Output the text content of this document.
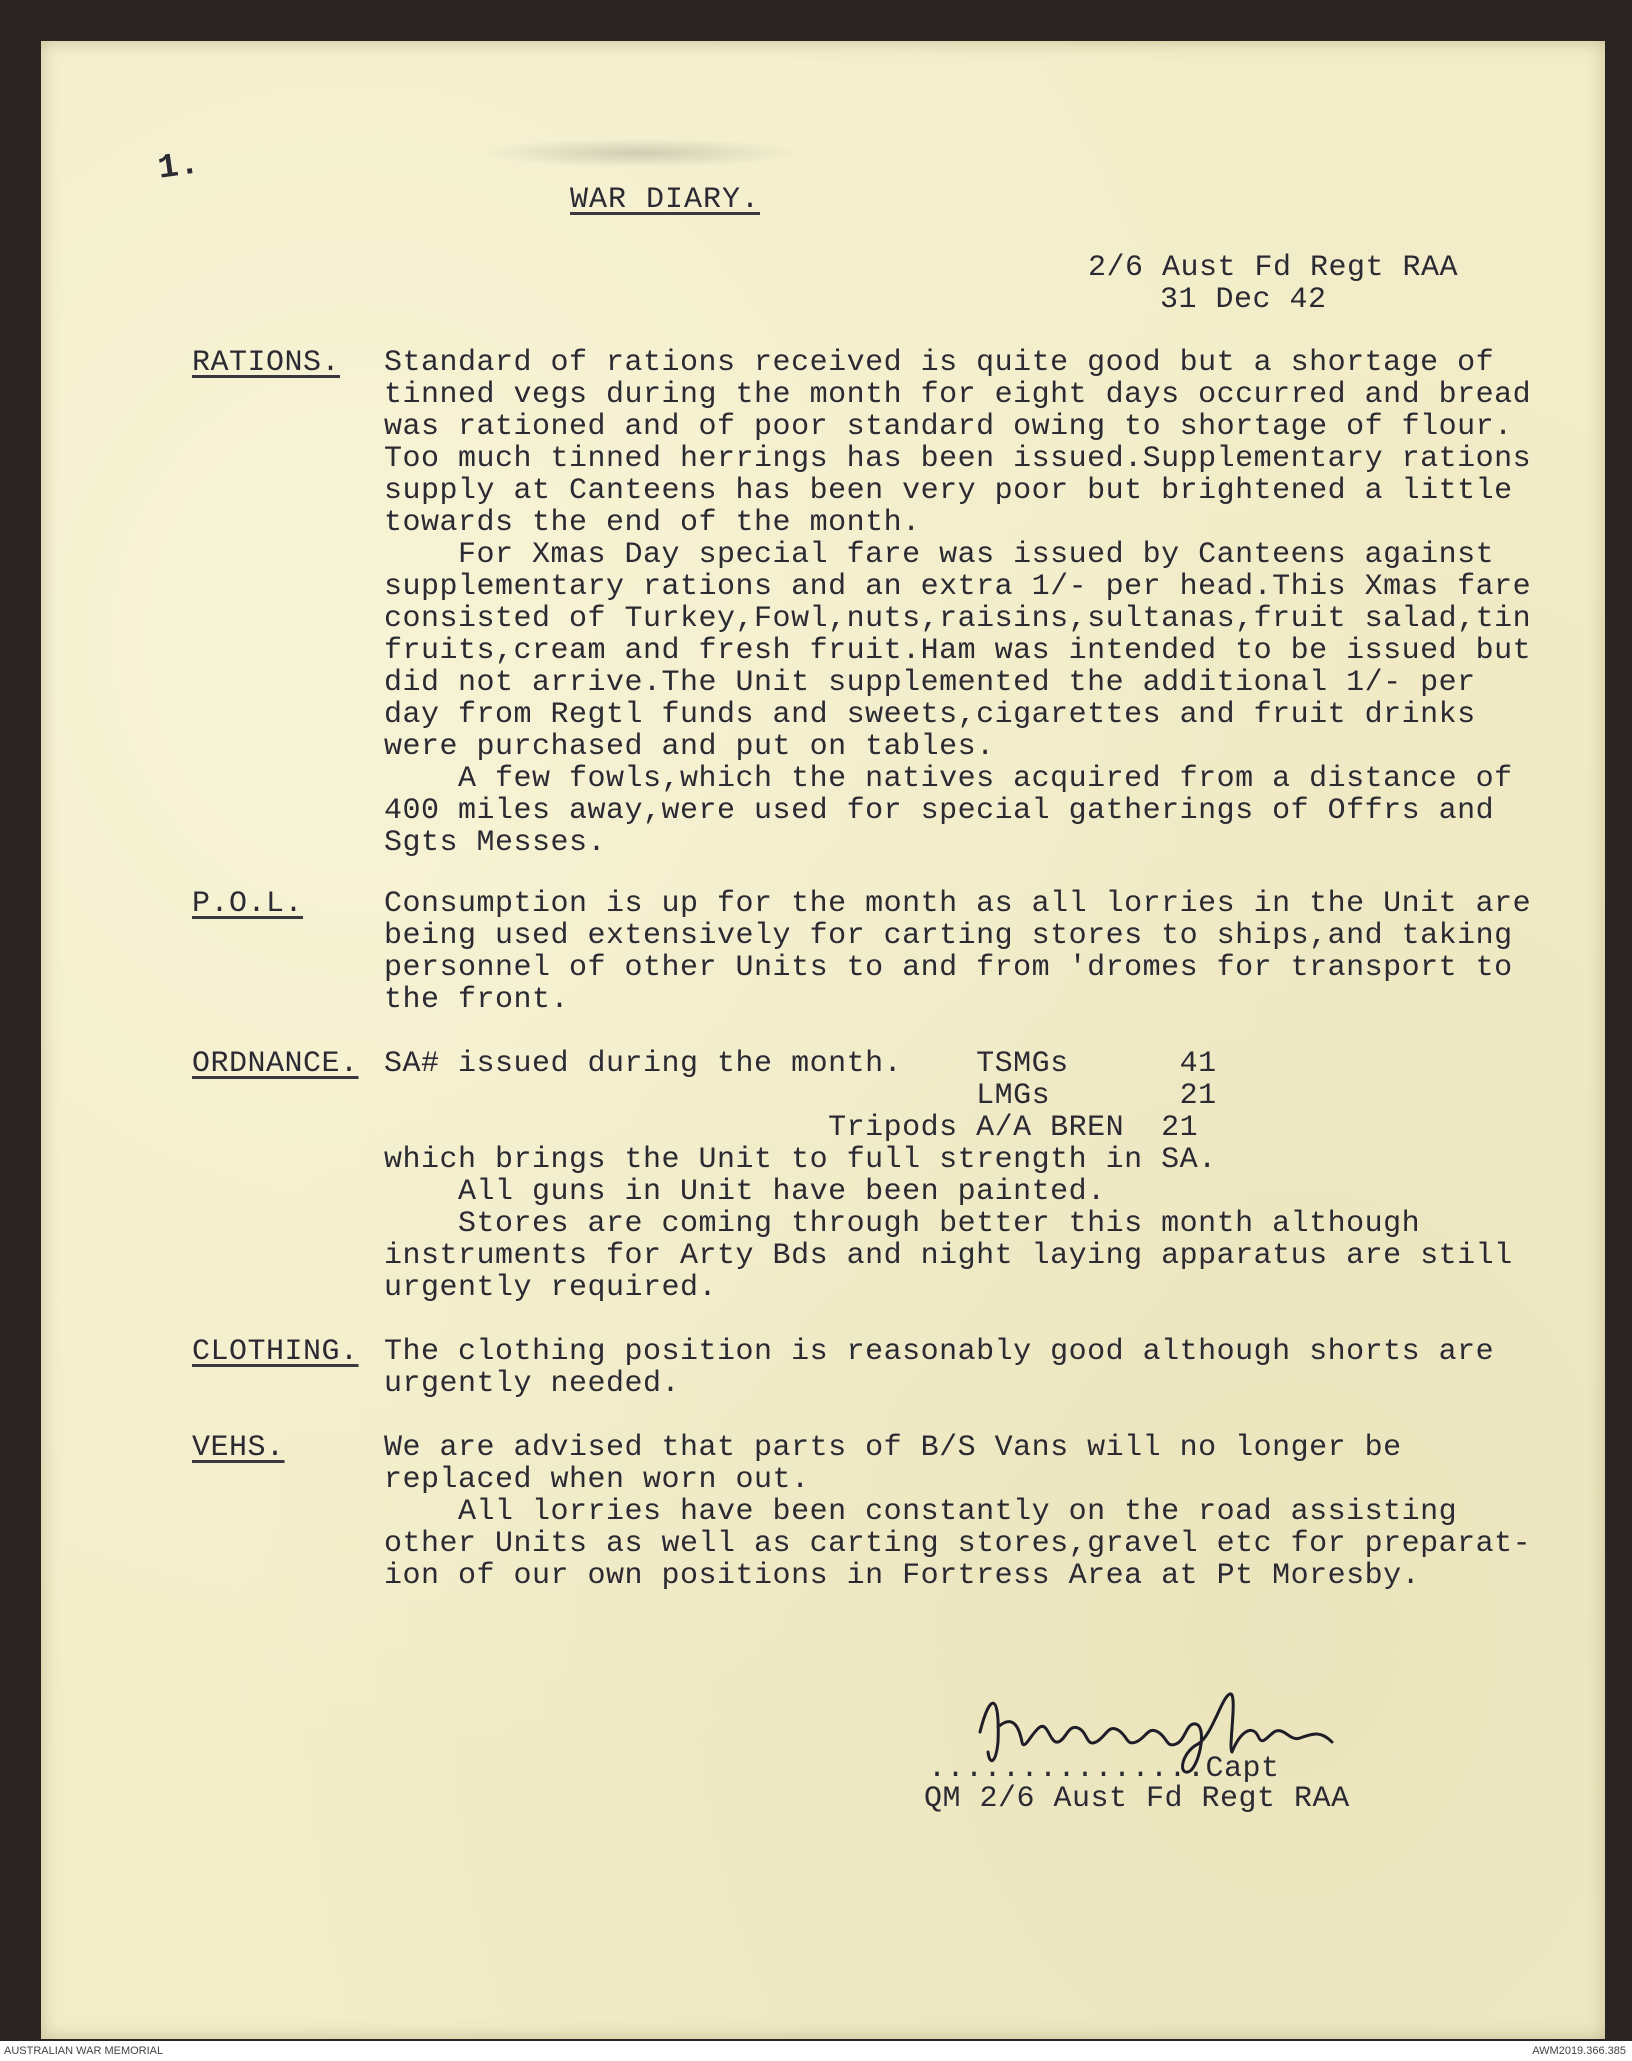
1.
WAR DIARY.
2/6 Aust Fd Regt RAA
31 Dec 42
RATIONS.
P.O.L.
ORDNANCE.
CLOTHING.
VEHS.
Standard of rations received is quite good but a shortage of
tinned vegs during the month for eight days occurred and bread
was rationed and of poor standard owing to shortage of flour.
Too much tinned herrings has been issued.Supplementary rations
supply at Canteens has been very poor but brightened a little
towards the end of the month.
For Xmas Day special fare was issued by Canteens against
supplementary rations and an extra 1/- per head.This Xmas fare
consisted of Turkey,Fowl,nuts,raisins,sultanas,fruit salad,tin
fruits,cream and fresh fruit.Ham was intended to be issued but
did not arrive.The Unit supplemented the additional 1/- per
day from Regtl funds and sweets,cigarettes and fruit drinks
were purchased and put on tables.
A few fowls,which the natives acquired from a distance of
400 miles away,were used for special gatherings of Offrs and
Sgts Messes.
Consumption is up for the month as all lorries in the Unit are
being used extensively for carting stores to ships,and taking
personnel of other Units to and from 'dromes for transport to
the front.
SA# issued during the month.    TSMGs      41
LMGs       21
Tripods A/A BREN  21
which brings the Unit to full strength in SA.
All guns in Unit have been painted.
Stores are coming through better this month although
instruments for Arty Bds and night laying apparatus are still
urgently required.
The clothing position is reasonably good although shorts are
urgently needed.
We are advised that parts of B/S Vans will no longer be
replaced when worn out.
All lorries have been constantly on the road assisting
other Units as well as carting stores,gravel etc for preparat-
ion of our own positions in Fortress Area at Pt Moresby.
...............Capt
QM 2/6 Aust Fd Regt RAA
AUSTRALIAN WAR MEMORIAL	AWM2019.366.385
